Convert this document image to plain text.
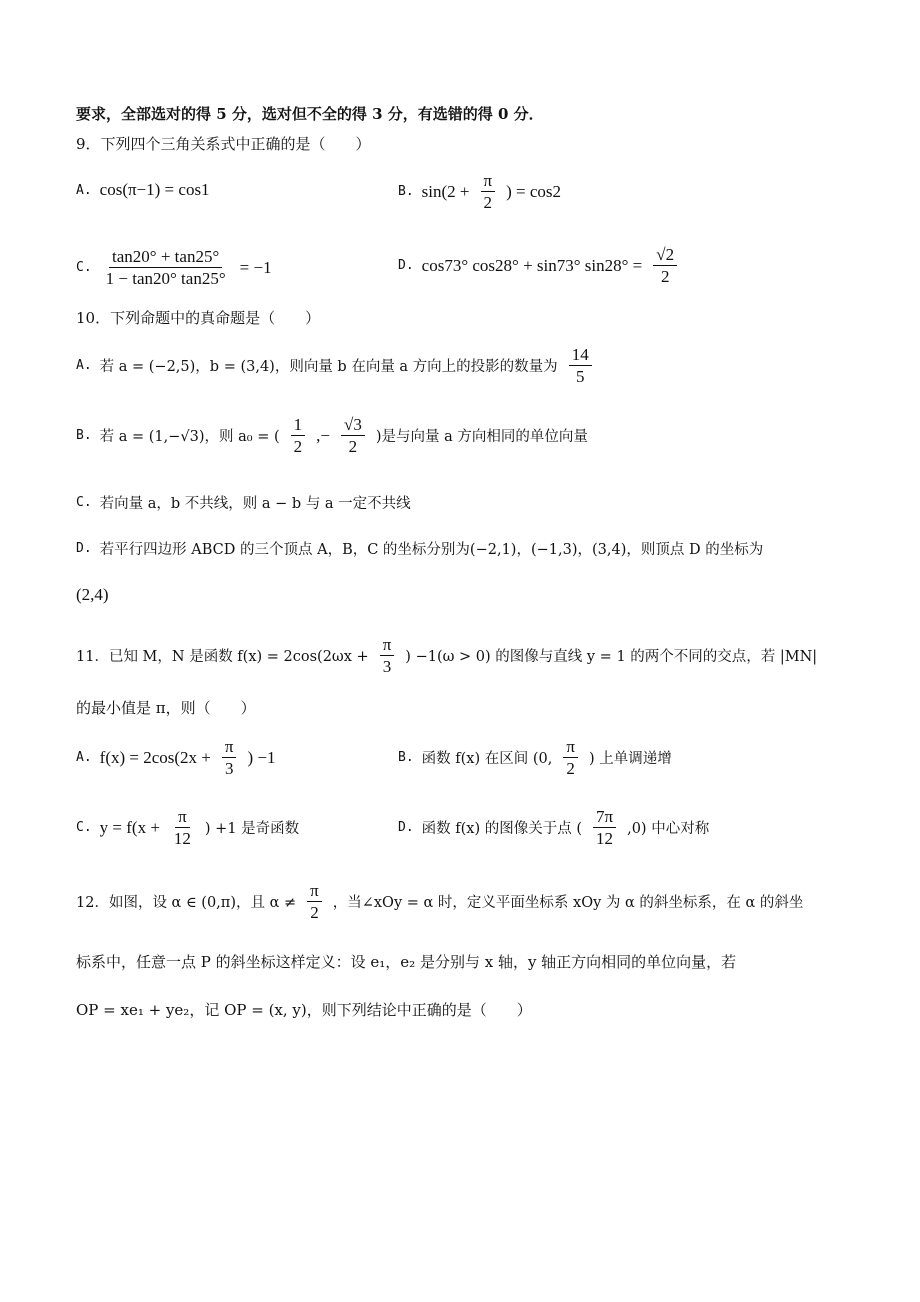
要求，全部选对的得 5 分，选对但不全的得 3 分，有选错的得 0 分．
9．下列四个三角关系式中正确的是（　　）
A. cos(π−1) = cos1	B. $\sin(2 + \frac{\pi}{2}$ ) = cos2
C. $\frac{\tan 20^\circ + \tan 25^\circ}{1 - \tan 20^\circ \tan 25^\circ} = -1$	D. cos73° cos28° + sin73° $\sin 28^\circ = \frac{√2}{2}$
10．下列命题中的真命题是（　　）
A. 若 a = (−2,5)，b = (3,4)，则向量 b 在向量 a 方向上的投影的数量为 $\frac{14}{5}$
B. 若 a = (1,−√3)，则 a₀ = ( $\frac{1}{2}$ ,− $\frac{√3}{2}$ )是与向量 a 方向相同的单位向量
C. 若向量 a，b 不共线，则 a − b 与 a 一定不共线
D. 若平行四边形 ABCD 的三个顶点 A，B，C 的坐标分别为(−2,1)，(−1,3)，(3,4)，则顶点 D 的坐标为
(2,4)
11．已知 M，N 是函数 $f(x) = 2\cos(2\omega x + \frac{\pi}{3}$ ) −1(ω > 0) 的图像与直线 y = 1 的两个不同的交点，若 |MN|
的最小值是 π，则（　　）
A. $f(x) = 2\cos(2x + \frac{\pi}{3}$ ) −1	B. 函数 f(x) 在区间 (0, $\frac{\pi}{2}$ ) 上单调递增
C. $y = f(x + \frac{\pi}{12}$ ) +1 是奇函数	D. 函数 f(x) 的图像关于点 ( $\frac{7\pi}{12} ,0$) 中心对称
12．如图，设 α ∈ (0,π)，且 $\alpha \ne \frac{\pi}{2}$ ，当∠xOy = α 时，定义平面坐标系 xOy 为 α 的斜坐标系，在 α 的斜坐
标系中，任意一点 P 的斜坐标这样定义：设 e₁，e₂ 是分别与 x 轴，y 轴正方向相同的单位向量，若
OP = xe₁ + ye₂，记 OP = (x, y)，则下列结论中正确的是（　　）
